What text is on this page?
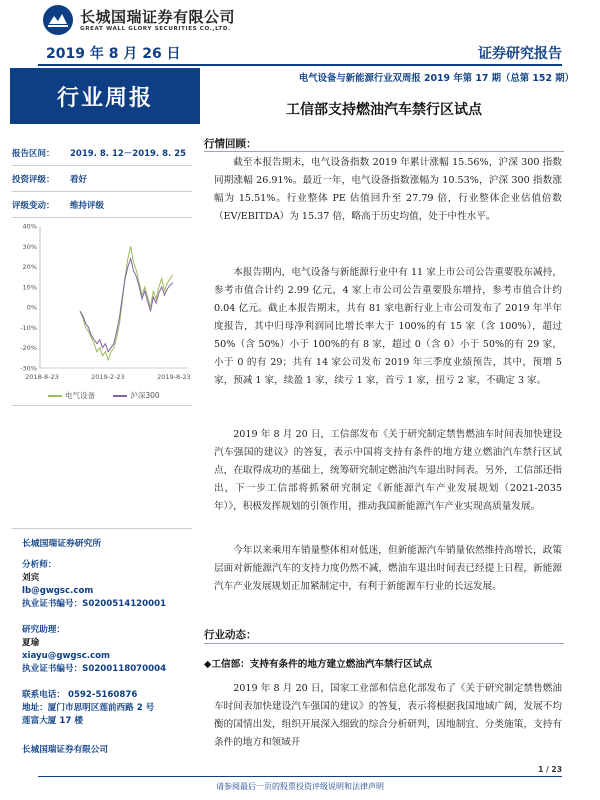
长城国瑞证券有限公司
GREAT WALL GLORY SECURITIES CO.,LTD.
2019 年 8 月 26 日	证券研究报告
行业周报
电气设备与新能源行业双周报 2019 年第 17 期（总第 152 期）
工信部支持燃油汽车禁行区试点
报告区间： 2019. 8. 12－2019. 8. 25
投资评级： 看好
评级变动： 维持评级
40%
30%
20%
10%
0%
-10%
-20%
-30%
2018-8-23	2019-2-23	2019-8-23
电气设备	沪深300
长城国瑞证券研究所
分析师：
刘宾
lb@gwgsc.com
执业证书编号：S0200514120001
研究助理：
夏瑜
xiayu@gwgsc.com
执业证书编号：S0200118070004
联系电话： 0592-5160876
地址：厦门市思明区莲前西路 2 号
莲富大厦 17 楼
长城国瑞证券有限公司
行情回顾：
截至本报告期末，电气设备指数 2019 年累计涨幅 15.56%，沪深 300 指数同期涨幅 26.91%。最近一年，电气设备指数涨幅为 10.53%，沪深 300 指数涨幅为 15.51%。行业整体 PE 估值回升至 27.79 倍，行业整体企业估值倍数（EV/EBITDA）为 15.37 倍，略高于历史均值，处于中性水平。
本报告期内，电气设备与新能源行业中有 11 家上市公司公告重要股东减持，参考市值合计约 2.99 亿元，4 家上市公司公告重要股东增持，参考市值合计约 0.04 亿元。截止本报告期末，共有 81 家电新行业上市公司发布了 2019 年半年度报告，其中归母净利润同比增长率大于 100%的有 15 家（含 100%），超过 50%（含 50%）小于 100%的有 8 家，超过 0（含 0）小于 50%的有 29 家，小于 0 的有 29；共有 14 家公司发布 2019 年三季度业绩预告，其中，预增 5 家，预减 1 家，续盈 1 家，续亏 1 家，首亏 1 家，扭亏 2 家，不确定 3 家。
2019 年 8 月 20 日，工信部发布《关于研究制定禁售燃油车时间表加快建设汽车强国的建议》的答复，表示中国将支持有条件的地方建立燃油汽车禁行区试点，在取得成功的基础上，统筹研究制定燃油汽车退出时间表。另外，工信部还指出，下一步工信部将抓紧研究制定《新能源汽车产业发展规划（2021-2035 年）》，积极发挥规划的引领作用，推动我国新能源汽车产业实现高质量发展。
今年以来乘用车销量整体相对低迷，但新能源汽车销量依然维持高增长，政策层面对新能源汽车的支持力度仍然不减，燃油车退出时间表已经提上日程，新能源汽车产业发展规划正加紧制定中，有利于新能源车行业的长远发展。
行业动态：
◆工信部：支持有条件的地方建立燃油汽车禁行区试点
2019 年 8 月 20 日，国家工业部和信息化部发布了《关于研究制定禁售燃油车时间表加快建设汽车强国的建议》的答复，表示将根据我国地域广阔，发展不均衡的国情出发，组织开展深入细致的综合分析研判，因地制宜、分类施策，支持有条件的地方和领域开
1 / 23
请参阅最后一页的股票投资评级说明和法律声明
